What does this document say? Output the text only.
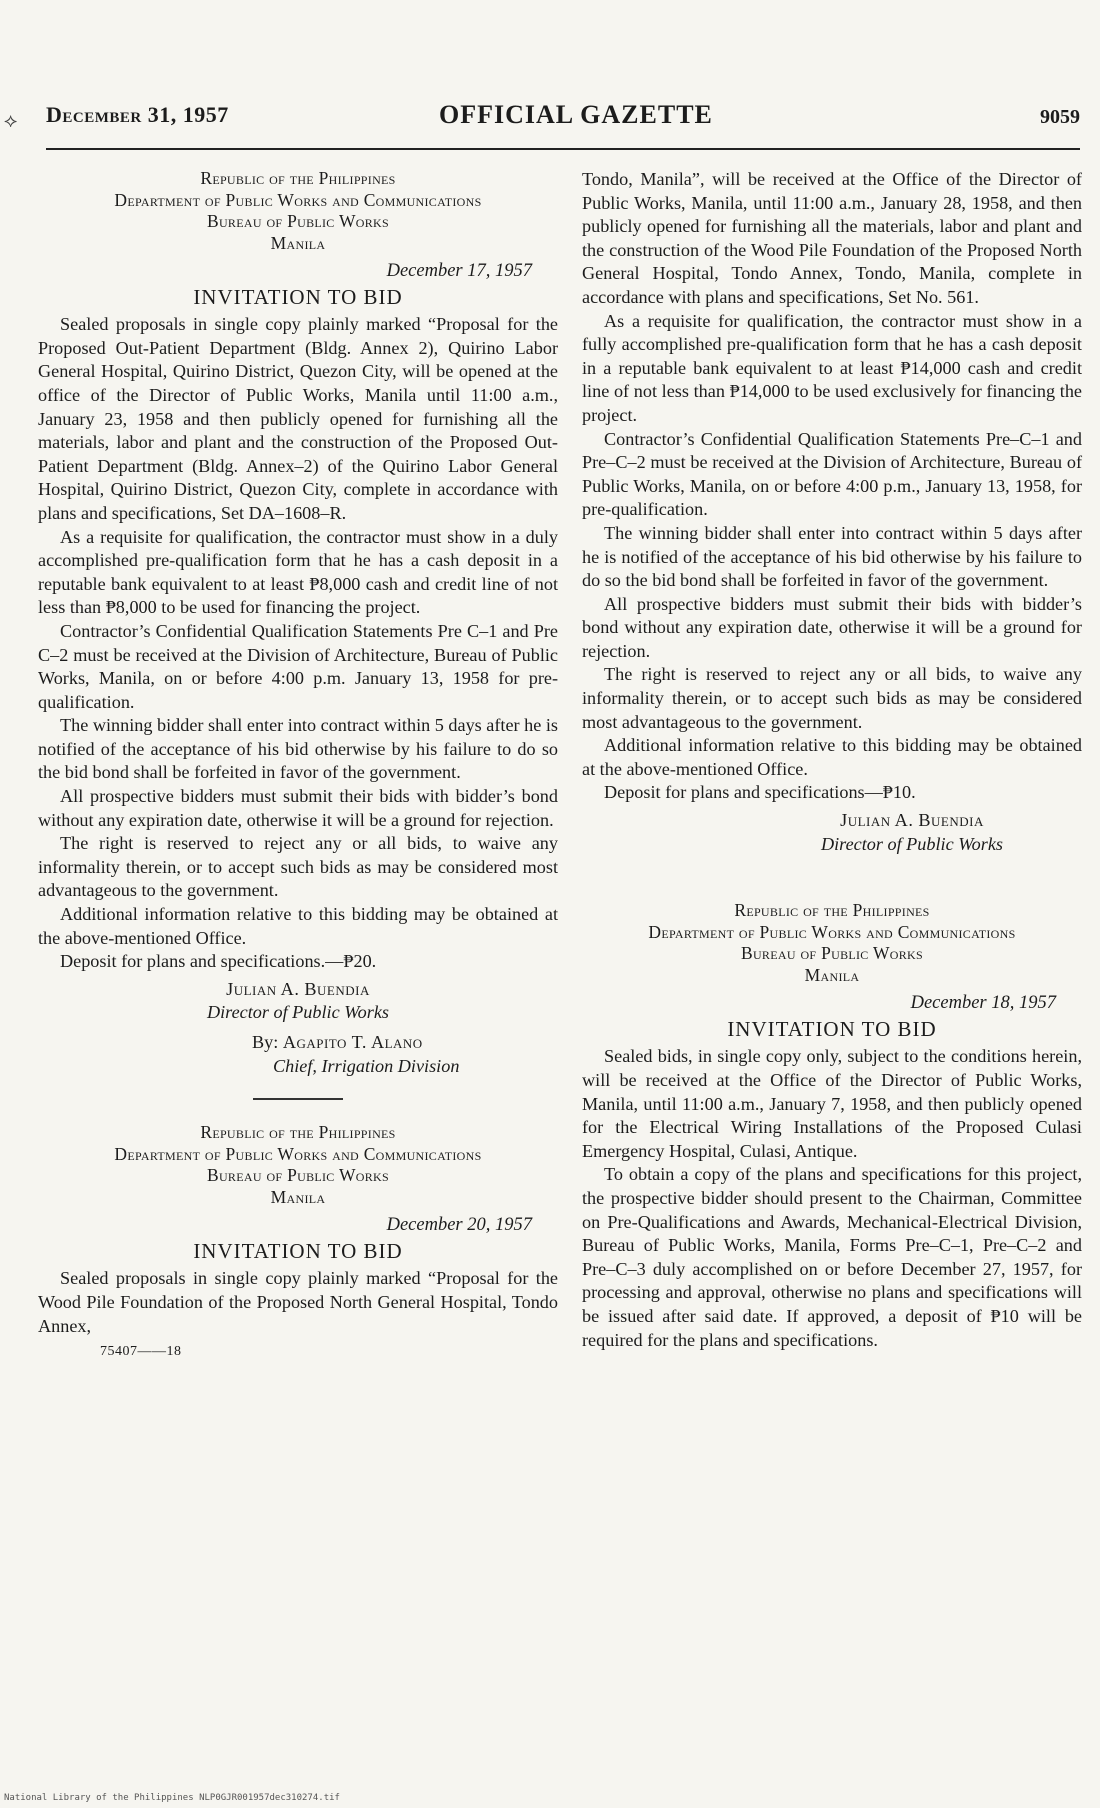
⟡ December 31, 1957	OFFICIAL GAZETTE	9059
Republic of the Philippines
Department of Public Works and Communications
Bureau of Public Works
Manila
December 17, 1957
INVITATION TO BID

Sealed proposals in single copy plainly marked “Proposal for the Proposed Out-Patient Department (Bldg. Annex 2), Quirino Labor General Hospital, Quirino District, Quezon City, will be opened at the office of the Director of Public Works, Manila until 11:00 a.m., January 23, 1958 and then publicly opened for furnishing all the materials, labor and plant and the construction of the Proposed Out-Patient Department (Bldg. Annex–2) of the Quirino Labor General Hospital, Quirino District, Quezon City, complete in accordance with plans and specifications, Set DA–1608–R.

As a requisite for qualification, the contractor must show in a duly accomplished pre-qualification form that he has a cash deposit in a reputable bank equivalent to at least ₱8,000 cash and credit line of not less than ₱8,000 to be used for financing the project.

Contractor’s Confidential Qualification Statements Pre C–1 and Pre C–2 must be received at the Division of Architecture, Bureau of Public Works, Manila, on or before 4:00 p.m. January 13, 1958 for pre-qualification.

The winning bidder shall enter into contract within 5 days after he is notified of the acceptance of his bid otherwise by his failure to do so the bid bond shall be forfeited in favor of the government.

All prospective bidders must submit their bids with bidder’s bond without any expiration date, otherwise it will be a ground for rejection.

The right is reserved to reject any or all bids, to waive any informality therein, or to accept such bids as may be considered most advantageous to the government.

Additional information relative to this bidding may be obtained at the above-mentioned Office.

Deposit for plans and specifications.—₱20.

Julian A. Buendia
Director of Public Works
By: Agapito T. Alano
Chief, Irrigation Division
Republic of the Philippines
Department of Public Works and Communications
Bureau of Public Works
Manila
December 20, 1957
INVITATION TO BID

Sealed proposals in single copy plainly marked “Proposal for the Wood Pile Foundation of the Proposed North General Hospital, Tondo Annex,

75407——18

Tondo, Manila”, will be received at the Office of the Director of Public Works, Manila, until 11:00 a.m., January 28, 1958, and then publicly opened for furnishing all the materials, labor and plant and the construction of the Wood Pile Foundation of the Proposed North General Hospital, Tondo Annex, Tondo, Manila, complete in accordance with plans and specifications, Set No. 561.

As a requisite for qualification, the contractor must show in a fully accomplished pre-qualification form that he has a cash deposit in a reputable bank equivalent to at least ₱14,000 cash and credit line of not less than ₱14,000 to be used exclusively for financing the project.

Contractor’s Confidential Qualification Statements Pre–C–1 and Pre–C–2 must be received at the Division of Architecture, Bureau of Public Works, Manila, on or before 4:00 p.m., January 13, 1958, for pre-qualification.

The winning bidder shall enter into contract within 5 days after he is notified of the acceptance of his bid otherwise by his failure to do so the bid bond shall be forfeited in favor of the government.

All prospective bidders must submit their bids with bidder’s bond without any expiration date, otherwise it will be a ground for rejection.

The right is reserved to reject any or all bids, to waive any informality therein, or to accept such bids as may be considered most advantageous to the government.

Additional information relative to this bidding may be obtained at the above-mentioned Office.

Deposit for plans and specifications—₱10.

Julian A. Buendia
Director of Public Works
Republic of the Philippines
Department of Public Works and Communications
Bureau of Public Works
Manila
December 18, 1957
INVITATION TO BID

Sealed bids, in single copy only, subject to the conditions herein, will be received at the Office of the Director of Public Works, Manila, until 11:00 a.m., January 7, 1958, and then publicly opened for the Electrical Wiring Installations of the Proposed Culasi Emergency Hospital, Culasi, Antique.

To obtain a copy of the plans and specifications for this project, the prospective bidder should present to the Chairman, Committee on Pre-Qualifications and Awards, Mechanical-Electrical Division, Bureau of Public Works, Manila, Forms Pre–C–1, Pre–C–2 and Pre–C–3 duly accomplished on or before December 27, 1957, for processing and approval, otherwise no plans and specifications will be issued after said date. If approved, a deposit of ₱10 will be required for the plans and specifications.

National Library of the Philippines NLP0GJR001957dec310274.tif
